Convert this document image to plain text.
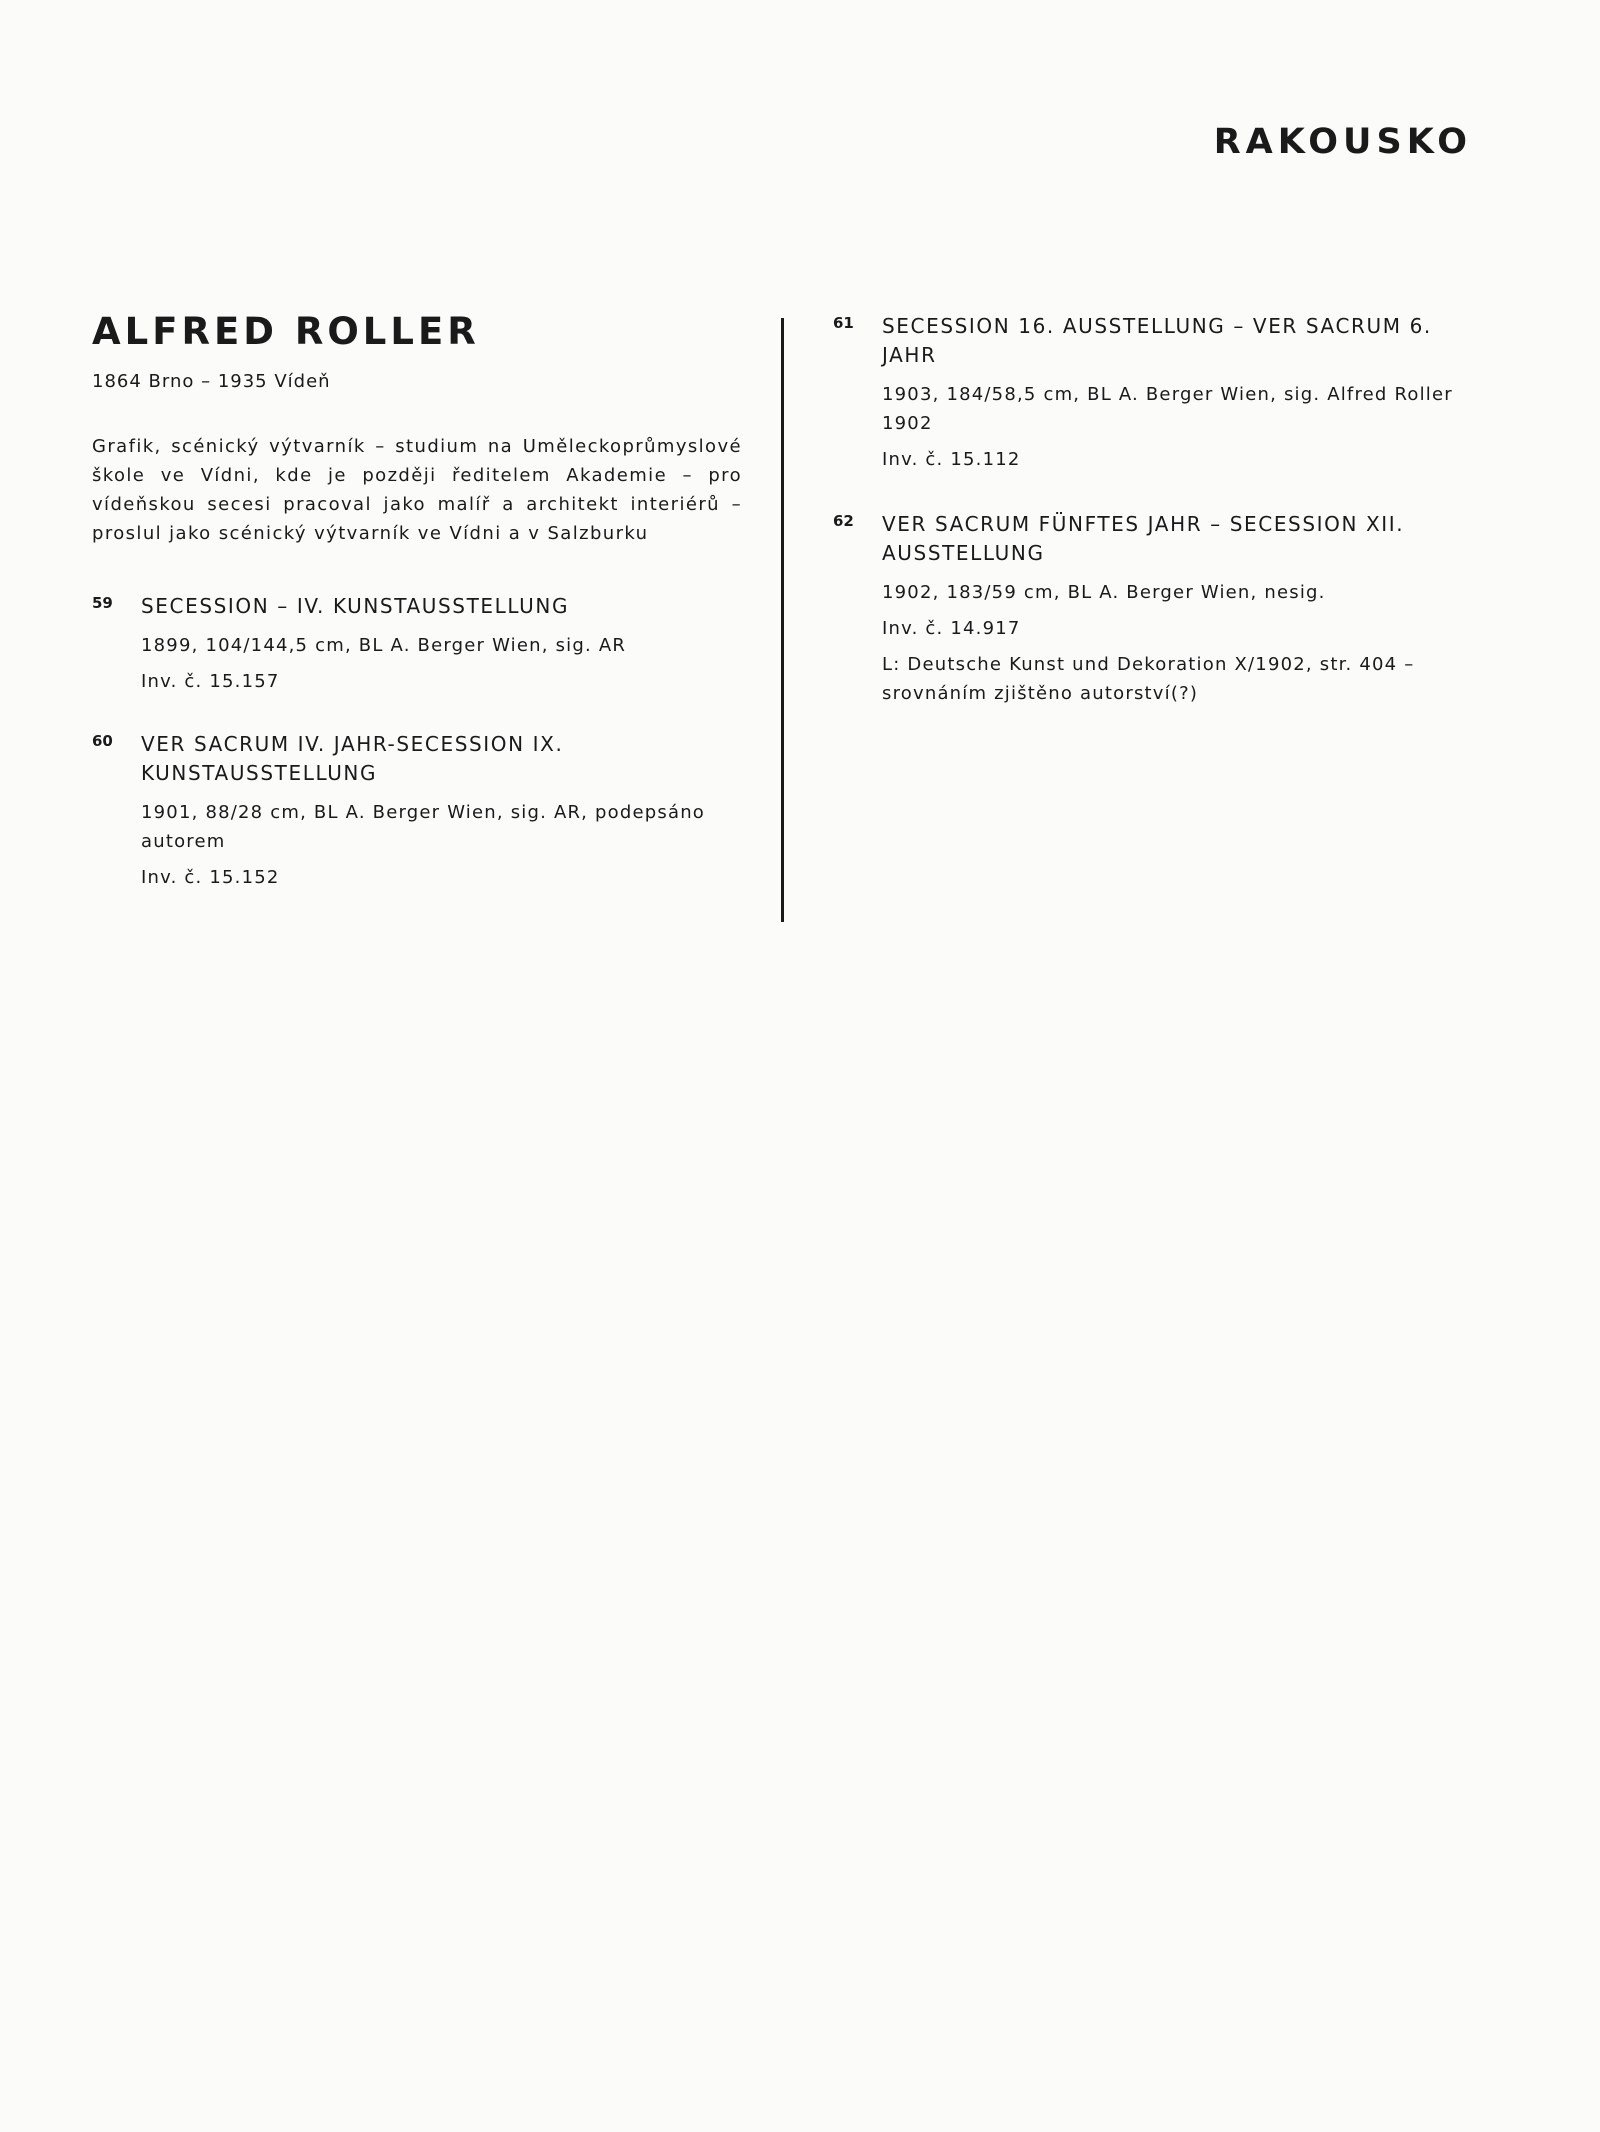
RAKOUSKO
ALFRED ROLLER

1864 Brno – 1935 Vídeň

Grafik, scénický výtvarník – studium na Uměleckoprůmyslové škole ve Vídni, kde je později ředitelem Akademie – pro vídeňskou secesi pracoval jako malíř a architekt interiérů – proslul jako scénický výtvarník ve Vídni a v Salzburku

59 SECESSION – IV. KUNSTAUSSTELLUNG

1899, 104/144,5 cm, BL A. Berger Wien, sig. AR

Inv. č. 15.157

60 VER SACRUM IV. JAHR-SECESSION IX. KUNSTAUSSTELLUNG

1901, 88/28 cm, BL A. Berger Wien, sig. AR, podepsáno autorem

Inv. č. 15.152

61 SECESSION 16. AUSSTELLUNG – VER SACRUM 6. JAHR

1903, 184/58,5 cm, BL A. Berger Wien, sig. Alfred Roller 1902

Inv. č. 15.112

62 VER SACRUM FÜNFTES JAHR – SECESSION XII. AUSSTELLUNG

1902, 183/59 cm, BL A. Berger Wien, nesig.

Inv. č. 14.917

L: Deutsche Kunst und Dekoration X/1902, str. 404 – srovnáním zjištěno autorství(?)
